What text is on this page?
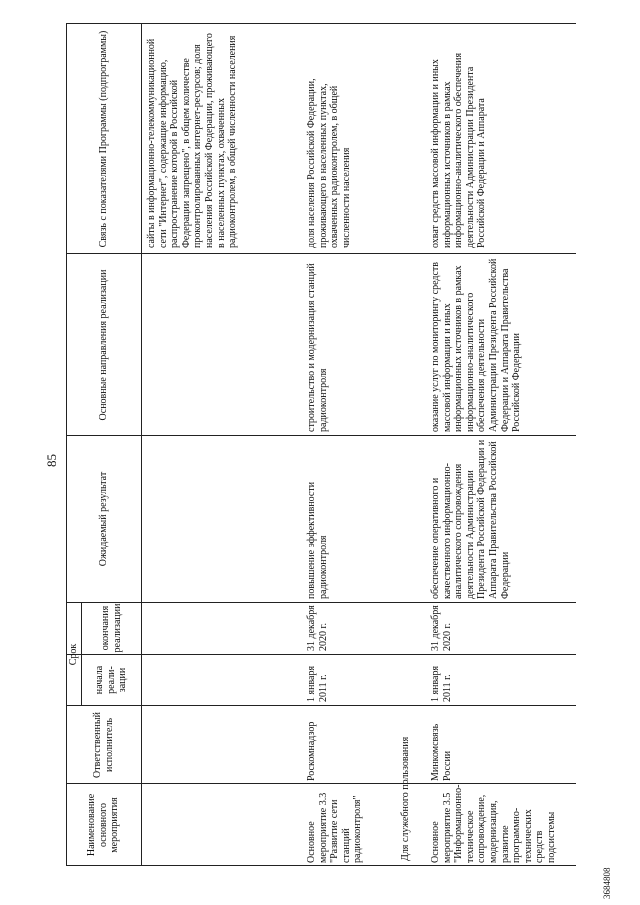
85
3684808
Наименование основного мероприятия
Ответственный исполнитель
Срок
начала реали-зации
окончания реализации
Ожидаемый результат
Основные направления реализации
Связь с показателями Программы (подпрограммы)	сайты в информационно-телекоммуникационной сети "Интернет", содержащие информацию, распространение которой в Российской Федерации запрещено", в общем количестве проконтролированных интернет-ресурсов; доля населения Российской Федерации, проживающего в населенных пунктах, охваченных радиоконтролем, в общей численности населения
Основное мероприятие 3.3 "Развитие сети станций радиоконтроля"
Роскомнадзор
1 января 2011 г.
31 декабря 2020 г.
повышение эффективности радиоконтроля
строительство и модернизация станций радиоконтроля
доля населения Российской Федерации, проживающего в населенных пунктах, охваченных радиоконтролем, в общей численности населения
Основное мероприятие 3.5 "Информационно-техническое сопровождение, модернизация, развитие программно-технических средств подсистемы
Минкомсвязь России
1 января 2011 г.
31 декабря 2020 г.
обеспечение оперативного и качественного информационно-аналитического сопровождения деятельности Администрации Президента Российской Федерации и Аппарата Правительства Российской Федерации
оказание услуг по мониторингу средств массовой информации и иных информационных источников в рамках информационно-аналитического обеспечения деятельности Администрации Президента Российской Федерации и Аппарата Правительства Российской Федерации
охват средств массовой информации и иных информационных источников в рамках информационно-аналитического обеспечения деятельности Администрации Президента Российской Федерации и Аппарата
Для служебного пользования
